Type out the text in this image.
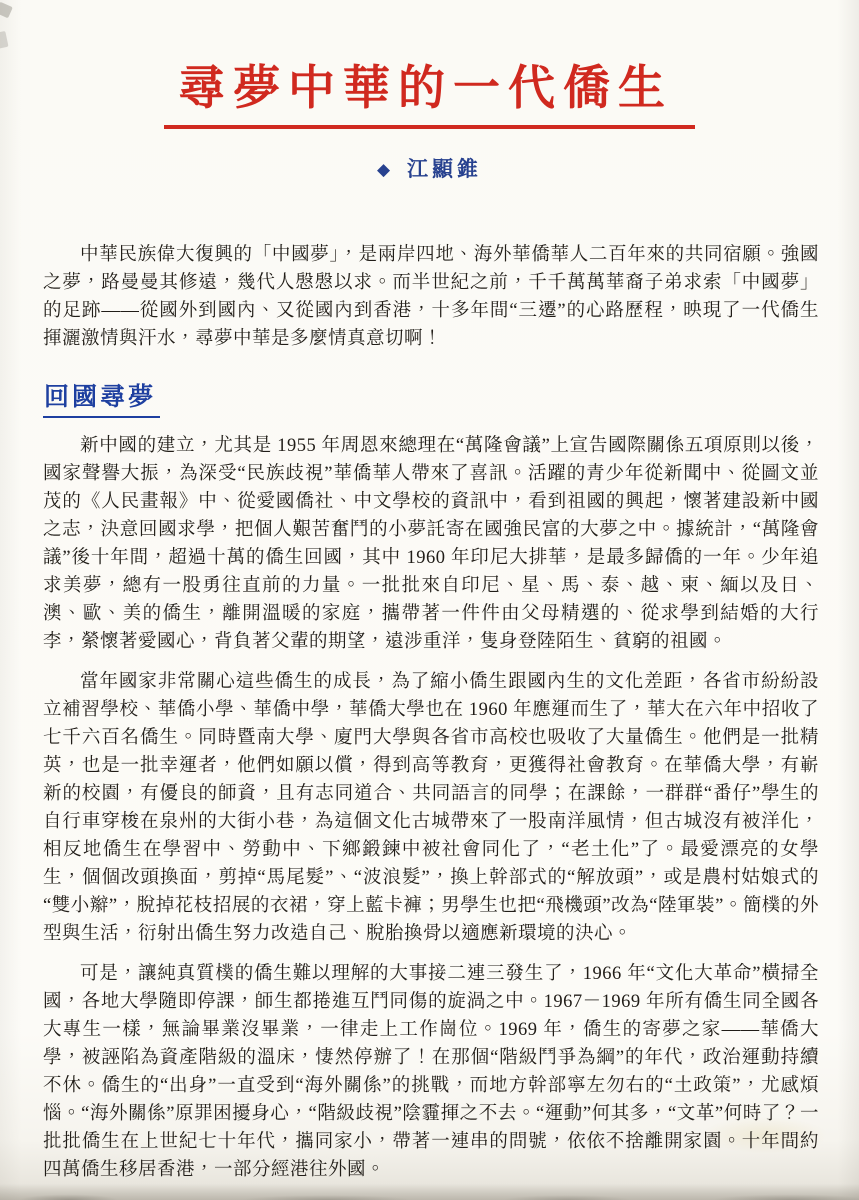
尋夢中華的一代僑生
◆ 江顯錐

中華民族偉大復興的「中國夢」，是兩岸四地、海外華僑華人二百年來的共同宿願。強國之夢，路曼曼其修遠，幾代人慇慇以求。而半世紀之前，千千萬萬華裔子弟求索「中國夢」的足跡——從國外到國內、又從國內到香港，十多年間“三遷”的心路歷程，映現了一代僑生揮灑激情與汗水，尋夢中華是多麼情真意切啊！

回國尋夢

新中國的建立，尤其是 1955 年周恩來總理在“萬隆會議”上宣告國際關係五項原則以後，國家聲譽大振，為深受“民族歧視”華僑華人帶來了喜訊。活躍的青少年從新聞中、從圖文並茂的《人民畫報》中、從愛國僑社、中文學校的資訊中，看到祖國的興起，懷著建設新中國之志，決意回國求學，把個人艱苦奮鬥的小夢託寄在國強民富的大夢之中。據統計，“萬隆會議”後十年間，超過十萬的僑生回國，其中 1960 年印尼大排華，是最多歸僑的一年。少年追求美夢，總有一股勇往直前的力量。一批批來自印尼、星、馬、泰、越、柬、緬以及日、澳、歐、美的僑生，離開溫暖的家庭，攜帶著一件件由父母精選的、從求學到結婚的大行李，縈懷著愛國心，背負著父輩的期望，遠涉重洋，隻身登陸陌生、貧窮的祖國。

當年國家非常關心這些僑生的成長，為了縮小僑生跟國內生的文化差距，各省市紛紛設立補習學校、華僑小學、華僑中學，華僑大學也在 1960 年應運而生了，華大在六年中招收了七千六百名僑生。同時暨南大學、廈門大學與各省市高校也吸收了大量僑生。他們是一批精英，也是一批幸運者，他們如願以償，得到高等教育，更獲得社會教育。在華僑大學，有嶄新的校園，有優良的師資，且有志同道合、共同語言的同學；在課餘，一群群“番仔”學生的自行車穿梭在泉州的大街小巷，為這個文化古城帶來了一股南洋風情，但古城沒有被洋化，相反地僑生在學習中、勞動中、下鄉鍛鍊中被社會同化了，“老土化”了。最愛漂亮的女學生，個個改頭換面，剪掉“馬尾髮”、“波浪髮”，換上幹部式的“解放頭”，或是農村姑娘式的“雙小辮”，脫掉花枝招展的衣裙，穿上藍卡褲；男學生也把“飛機頭”改為“陸軍裝”。簡樸的外型與生活，衍射出僑生努力改造自己、脫胎換骨以適應新環境的決心。

可是，讓純真質樸的僑生難以理解的大事接二連三發生了，1966 年“文化大革命”橫掃全國，各地大學隨即停課，師生都捲進互鬥同傷的旋渦之中。1967－1969 年所有僑生同全國各大專生一樣，無論畢業沒畢業，一律走上工作崗位。1969 年，僑生的寄夢之家——華僑大學，被誣陷為資產階級的溫床，悽然停辦了！在那個“階級鬥爭為綱”的年代，政治運動持續不休。僑生的“出身”一直受到“海外關係”的挑戰，而地方幹部寧左勿右的“土政策”，尤感煩惱。“海外關係”原罪困擾身心，“階級歧視”陰霾揮之不去。“運動”何其多，“文革”何時了？一批批僑生在上世紀七十年代，攜同家小，帶著一連串的問號，依依不捨離開家園。十年間約四萬僑生移居香港，一部分經港往外國。
